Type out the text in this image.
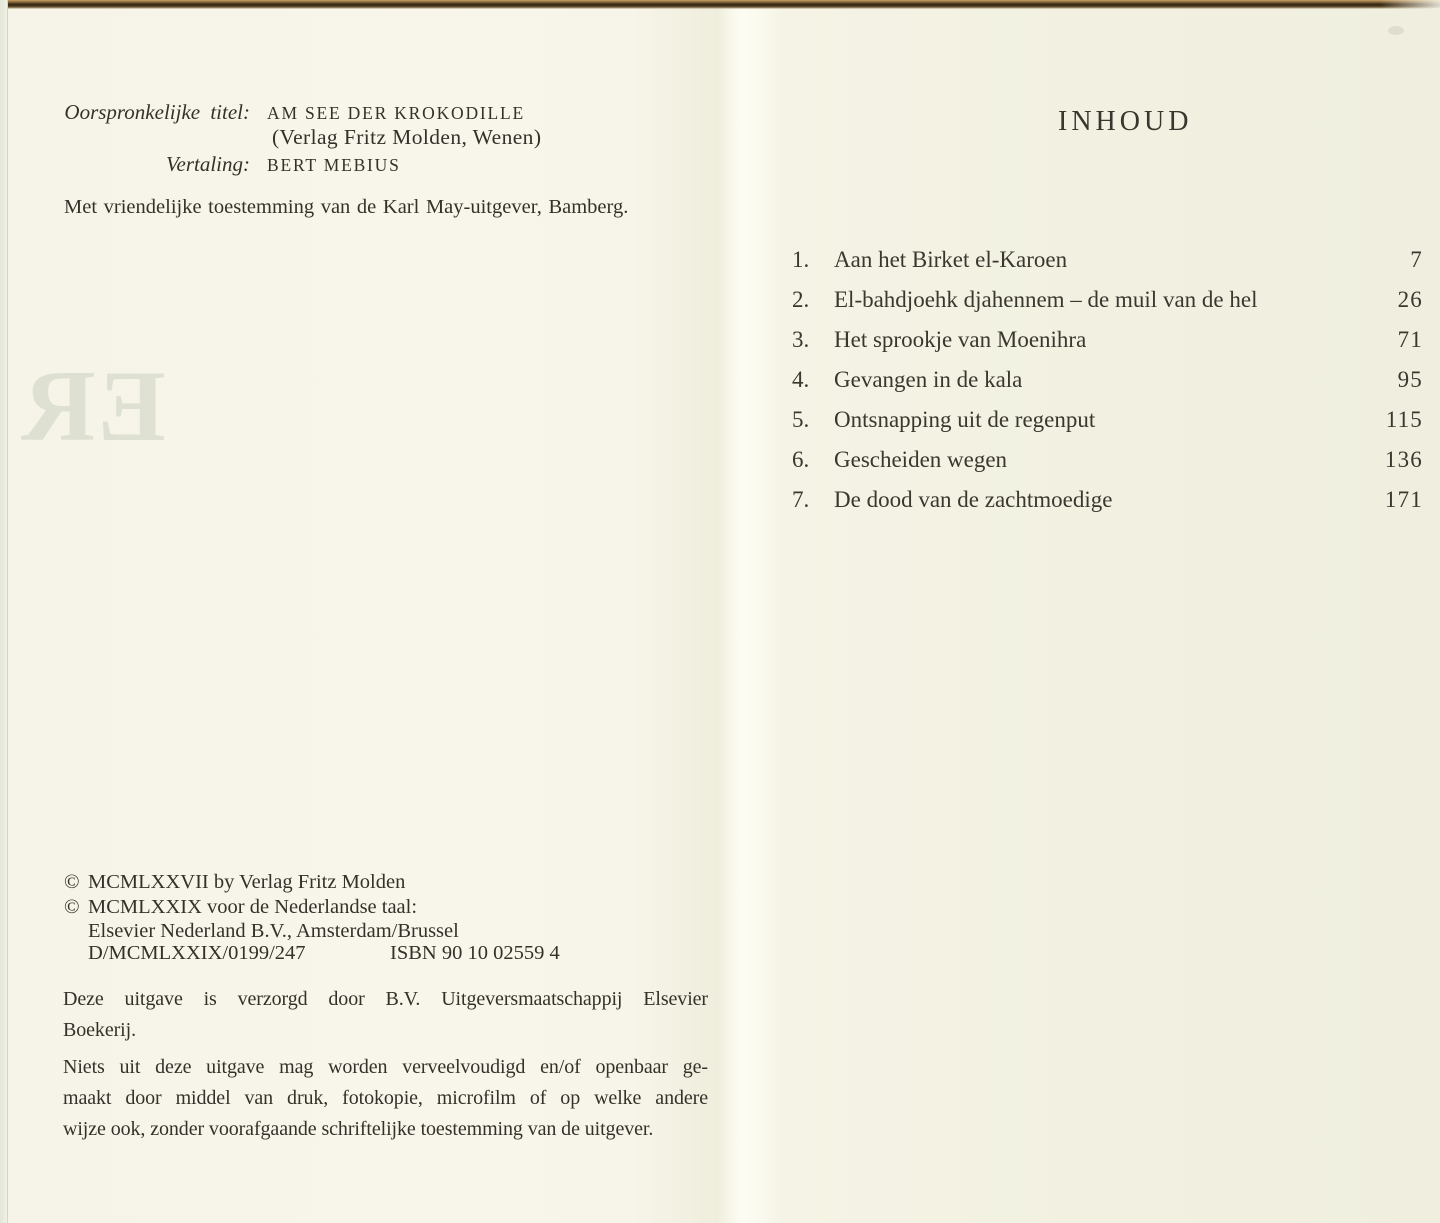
ER
Oorspronkelijke titel: AM SEE DER KROKODILLE
(Verlag Fritz Molden, Wenen)
Vertaling: BERT MEBIUS
Met vriendelijke toestemming van de Karl May-uitgever, Bamberg.
© MCMLXXVII by Verlag Fritz Molden
© MCMLXXIX voor de Nederlandse taal:
Elsevier Nederland B.V., Amsterdam/Brussel
D/MCMLXXIX/0199/247	ISBN 90 10 02559 4
Deze uitgave is verzorgd door B.V. Uitgeversmaatschappij Elsevier
Boekerij.
Niets uit deze uitgave mag worden verveelvoudigd en/of openbaar ge-
maakt door middel van druk, fotokopie, microfilm of op welke andere
wijze ook, zonder voorafgaande schriftelijke toestemming van de uitgever.
INHOUD
1.	Aan het Birket el-Karoen	7
2.	El-bahdjoehk djahennem – de muil van de hel	26
3.	Het sprookje van Moenihra	71
4.	Gevangen in de kala	95
5.	Ontsnapping uit de regenput	115
6.	Gescheiden wegen	136
7.	De dood van de zachtmoedige	171
